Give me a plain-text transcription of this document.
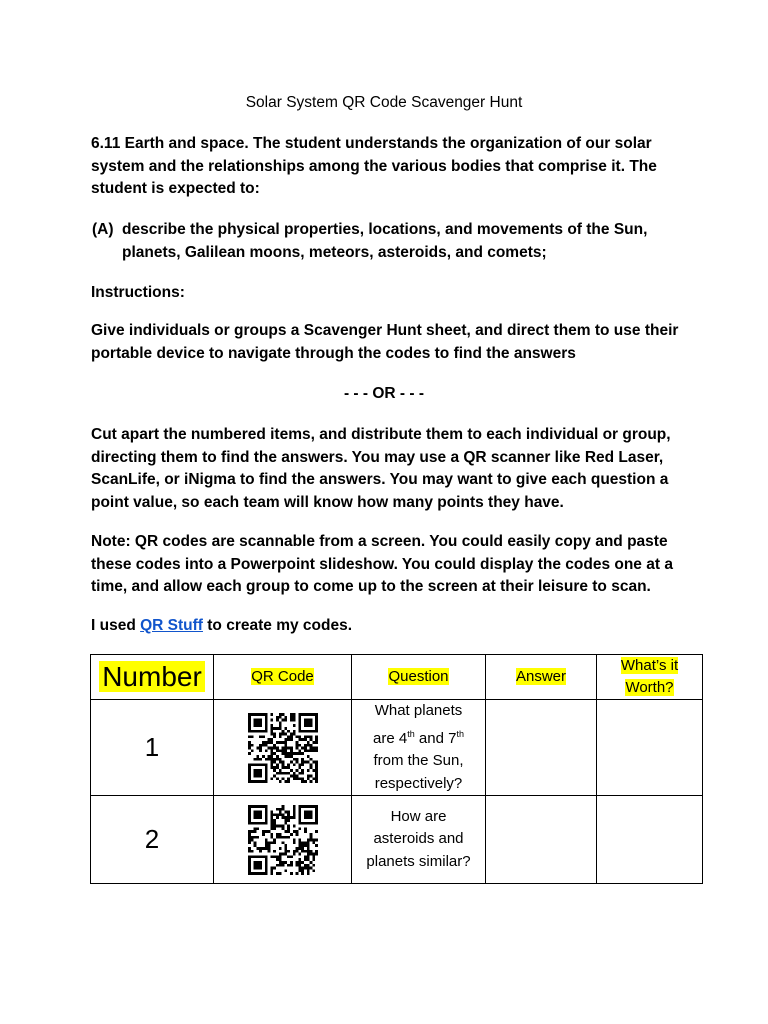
Solar System QR Code Scavenger Hunt
6.11 Earth and space. The student understands the organization of our solar
system and the relationships among the various bodies that comprise it. The
student is expected to:
(A) describe the physical properties, locations, and movements of the Sun,
planets, Galilean moons, meteors, asteroids, and comets;
Instructions:
Give individuals or groups a Scavenger Hunt sheet, and direct them to use their
portable device to navigate through the codes to find the answers
- - - OR - - -
Cut apart the numbered items, and distribute them to each individual or group,
directing them to find the answers. You may use a QR scanner like Red Laser,
ScanLife, or iNigma to find the answers. You may want to give each question a
point value, so each team will know how many points they have.
Note: QR codes are scannable from a screen. You could easily copy and paste
these codes into a Powerpoint slideshow. You could display the codes one at a
time, and allow each group to come up to the screen at their leisure to scan.
I used QR Stuff to create my codes.
Number	QR Code	Question	Answer	What’s it
Worth?
1		What planets
are 4th and 7th
from the Sun,
respectively?		
2		How are
asteroids and
planets similar?		
